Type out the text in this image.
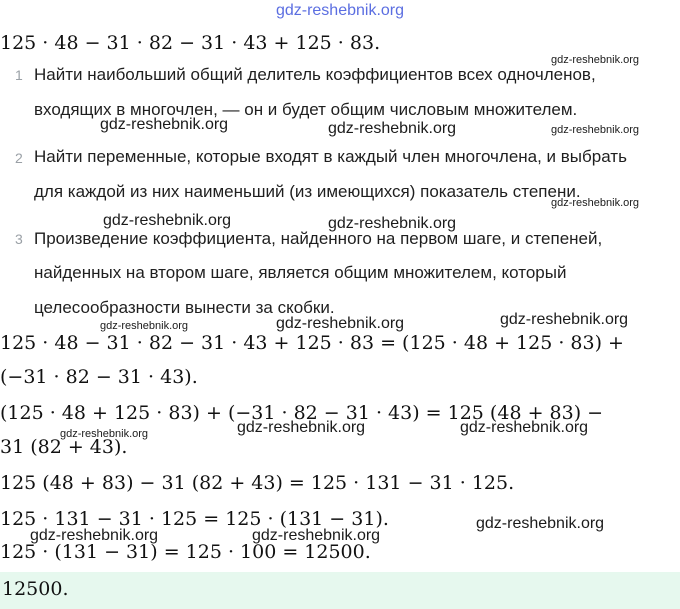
gdz-reshebnik.org
125 · 48 − 31 · 82 − 31 · 43 + 125 · 83.
1 Найти наибольший общий делитель коэффициентов всех одночленов,
входящих в многочлен, — он и будет общим числовым множителем.
2 Найти переменные, которые входят в каждый член многочлена, и выбрать
для каждой из них наименьший (из имеющихся) показатель степени.
3 Произведение коэффициента, найденного на первом шаге, и степеней,
найденных на втором шаге, является общим множителем, который
целесообразности вынести за скобки.
125 · 48 − 31 · 82 − 31 · 43 + 125 · 83 = (125 · 48 + 125 · 83) +
(−31 · 82 − 31 · 43).
(125 · 48 + 125 · 83) + (−31 · 82 − 31 · 43) = 125 (48 + 83) −
31 (82 + 43).
125 (48 + 83) − 31 (82 + 43) = 125 · 131 − 31 · 125.
125 · 131 − 31 · 125 = 125 · (131 − 31).
125 · (131 − 31) = 125 · 100 = 12500.
12500.
gdz-reshebnik.org
gdz-reshebnik.org	gdz-reshebnik.org	gdz-reshebnik.org
gdz-reshebnik.org
gdz-reshebnik.org	gdz-reshebnik.org
gdz-reshebnik.org
gdz-reshebnik.org	gdz-reshebnik.org
gdz-reshebnik.org	gdz-reshebnik.org	gdz-reshebnik.org
gdz-reshebnik.org
gdz-reshebnik.org	gdz-reshebnik.org
